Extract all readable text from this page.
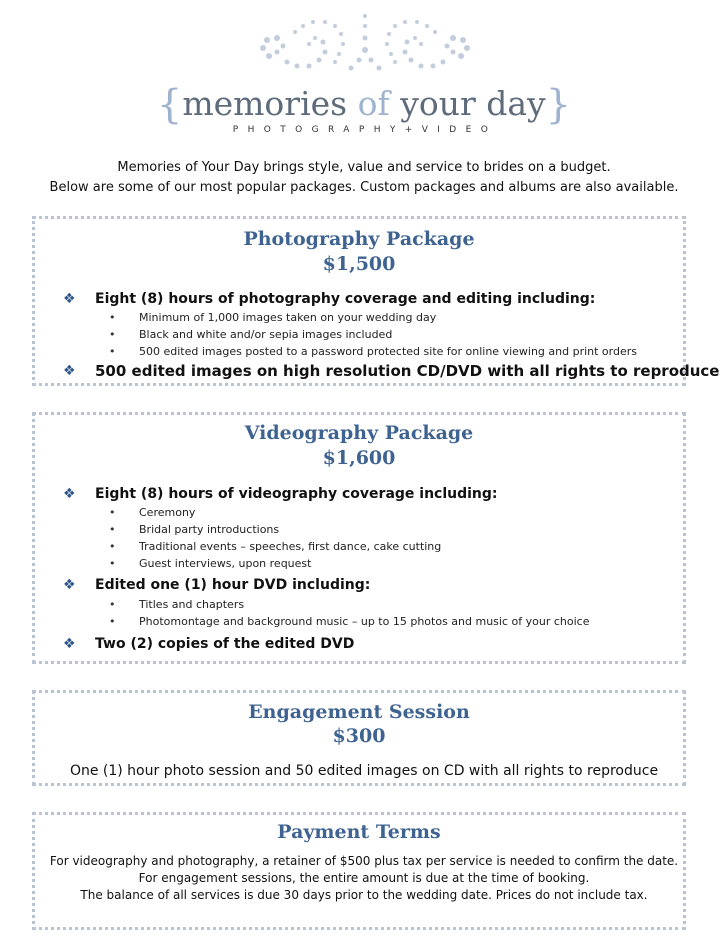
{memories of your day}
PHOTOGRAPHY+VIDEO
Memories of Your Day brings style, value and service to brides on a budget.
Below are some of our most popular packages. Custom packages and albums are also available.
Photography Package
$1,500
❖ Eight (8) hours of photography coverage and editing including:
• Minimum of 1,000 images taken on your wedding day
• Black and white and/or sepia images included
• 500 edited images posted to a password protected site for online viewing and print orders
❖ 500 edited images on high resolution CD/DVD with all rights to reproduce
Videography Package
$1,600
❖ Eight (8) hours of videography coverage including:
• Ceremony
• Bridal party introductions
• Traditional events – speeches, first dance, cake cutting
• Guest interviews, upon request
❖ Edited one (1) hour DVD including:
• Titles and chapters
• Photomontage and background music – up to 15 photos and music of your choice
❖ Two (2) copies of the edited DVD
Engagement Session
$300
One (1) hour photo session and 50 edited images on CD with all rights to reproduce
Payment Terms
For videography and photography, a retainer of $500 plus tax per service is needed to confirm the date.
For engagement sessions, the entire amount is due at the time of booking.
The balance of all services is due 30 days prior to the wedding date. Prices do not include tax.
